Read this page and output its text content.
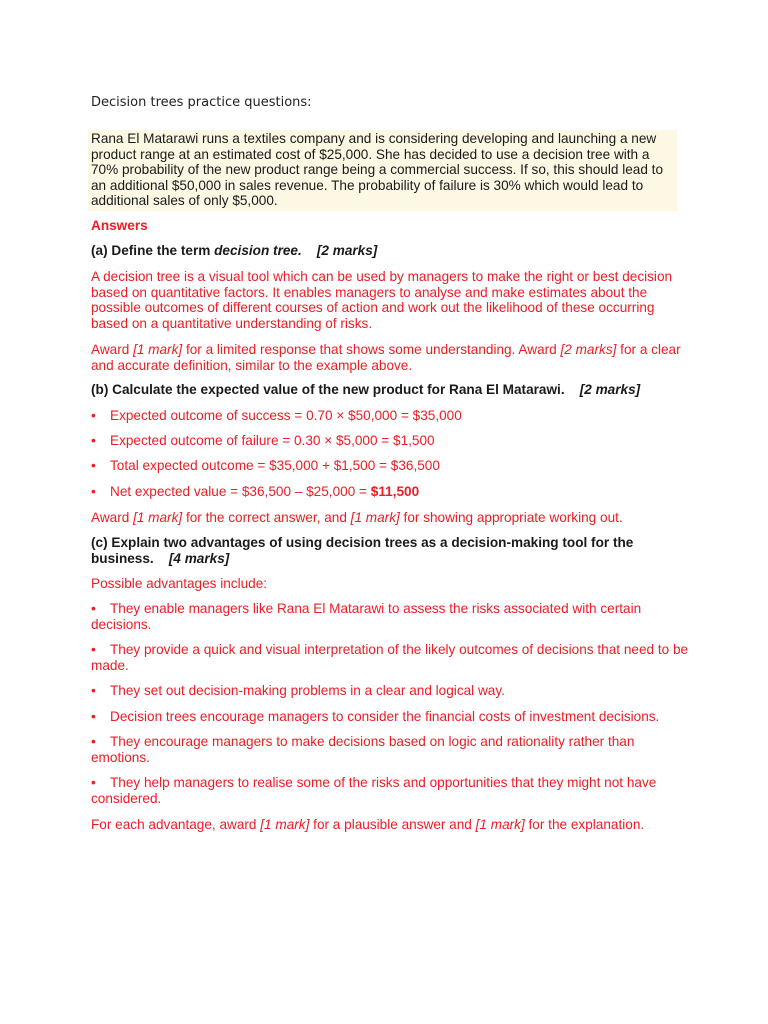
Decision trees practice questions:
Rana El Matarawi runs a textiles company and is considering developing and launching a new product range at an estimated cost of $25,000. She has decided to use a decision tree with a 70% probability of the new product range being a commercial success. If so, this should lead to an additional $50,000 in sales revenue. The probability of failure is 30% which would lead to additional sales of only $5,000.
Answers
(a) Define the term decision tree. [2 marks]
A decision tree is a visual tool which can be used by managers to make the right or best decision based on quantitative factors. It enables managers to analyse and make estimates about the possible outcomes of different courses of action and work out the likelihood of these occurring based on a quantitative understanding of risks.
Award [1 mark] for a limited response that shows some understanding. Award [2 marks] for a clear and accurate definition, similar to the example above.
(b) Calculate the expected value of the new product for Rana El Matarawi. [2 marks]
• Expected outcome of success = 0.70 × $50,000 = $35,000
• Expected outcome of failure = 0.30 × $5,000 = $1,500
• Total expected outcome = $35,000 + $1,500 = $36,500
• Net expected value = $36,500 – $25,000 = $11,500
Award [1 mark] for the correct answer, and [1 mark] for showing appropriate working out.
(c) Explain two advantages of using decision trees as a decision-making tool for the
business. [4 marks]
Possible advantages include:
• They enable managers like Rana El Matarawi to assess the risks associated with certain decisions.
• They provide a quick and visual interpretation of the likely outcomes of decisions that need to be made.
• They set out decision-making problems in a clear and logical way.
• Decision trees encourage managers to consider the financial costs of investment decisions.
• They encourage managers to make decisions based on logic and rationality rather than emotions.
• They help managers to realise some of the risks and opportunities that they might not have considered.
For each advantage, award [1 mark] for a plausible answer and [1 mark] for the explanation.
